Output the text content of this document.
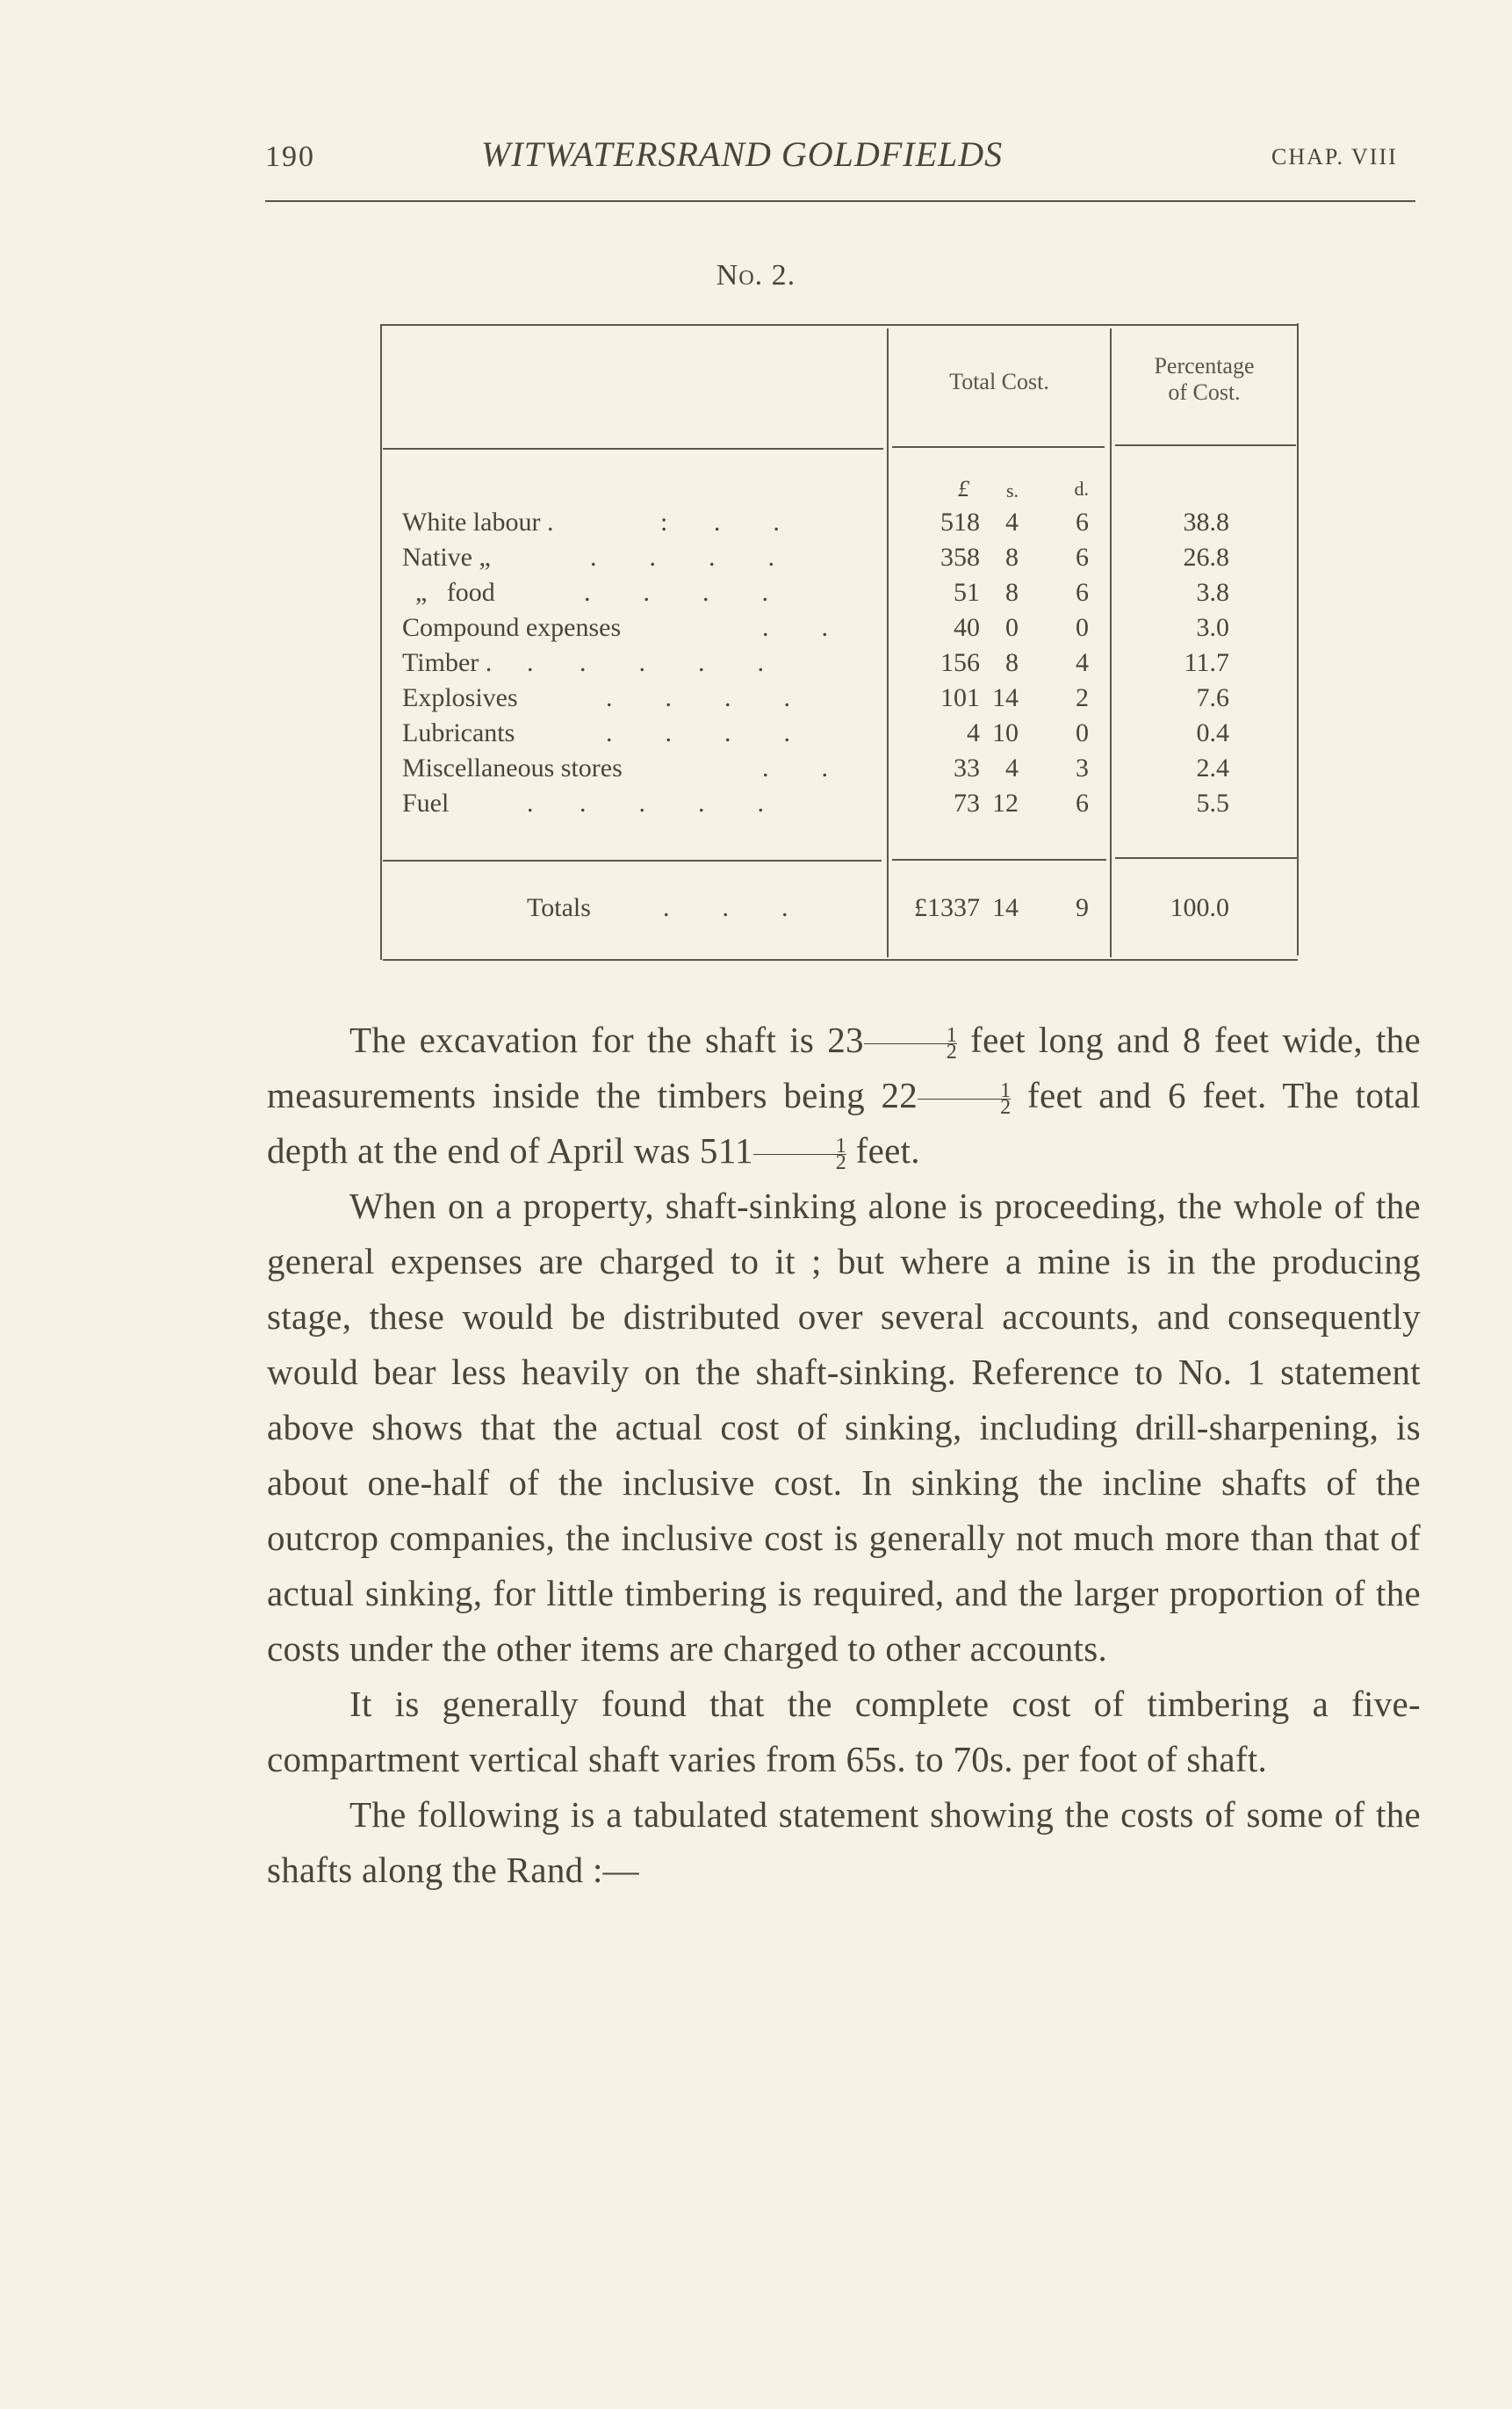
190	WITWATERSRAND GOLDFIELDS	CHAP. VIII
No. 2.
Total Cost.
Percentage
of Cost.
£	s.	d.
White labour .	:       .        .	518 4	6	38.8
Native „	.        .        .        .	358 8	6	26.8
„   food	.        .        .        .	51 8	6	3.8
Compound expenses	.        .	40 0	0	3.0
Timber . .       .        .        .        .	156 8	4	11.7
Explosives	.        .        .        .	101 14	2	7.6
Lubricants	.        .        .        .	4 10	0	0.4
Miscellaneous stores	.        .	33 4	3	2.4
Fuel	.       .        .        .        .	73 12	6	5.5
Totals	.        .        .	£1337 14	9	100.0

The excavation for the shaft is $23 \frac{1}{2}$ feet long and 8 feet wide, the measurements inside the timbers being $22 \frac{1}{2}$ feet and 6 feet. The total depth at the end of April was $511 \frac{1}{2}$ feet.

When on a property, shaft-sinking alone is proceeding, the whole of the general expenses are charged to it ; but where a mine is in the producing stage, these would be distributed over several accounts, and consequently would bear less heavily on the shaft-sinking. Reference to No. 1 statement above shows that the actual cost of sinking, including drill-sharpening, is about one-half of the inclusive cost. In sinking the incline shafts of the outcrop companies, the inclusive cost is generally not much more than that of actual sinking, for little timbering is required, and the larger proportion of the costs under the other items are charged to other accounts.

It is generally found that the complete cost of timbering a five-compartment vertical shaft varies from 65s. to 70s. per foot of shaft.

The following is a tabulated statement showing the costs of some of the shafts along the Rand :—
